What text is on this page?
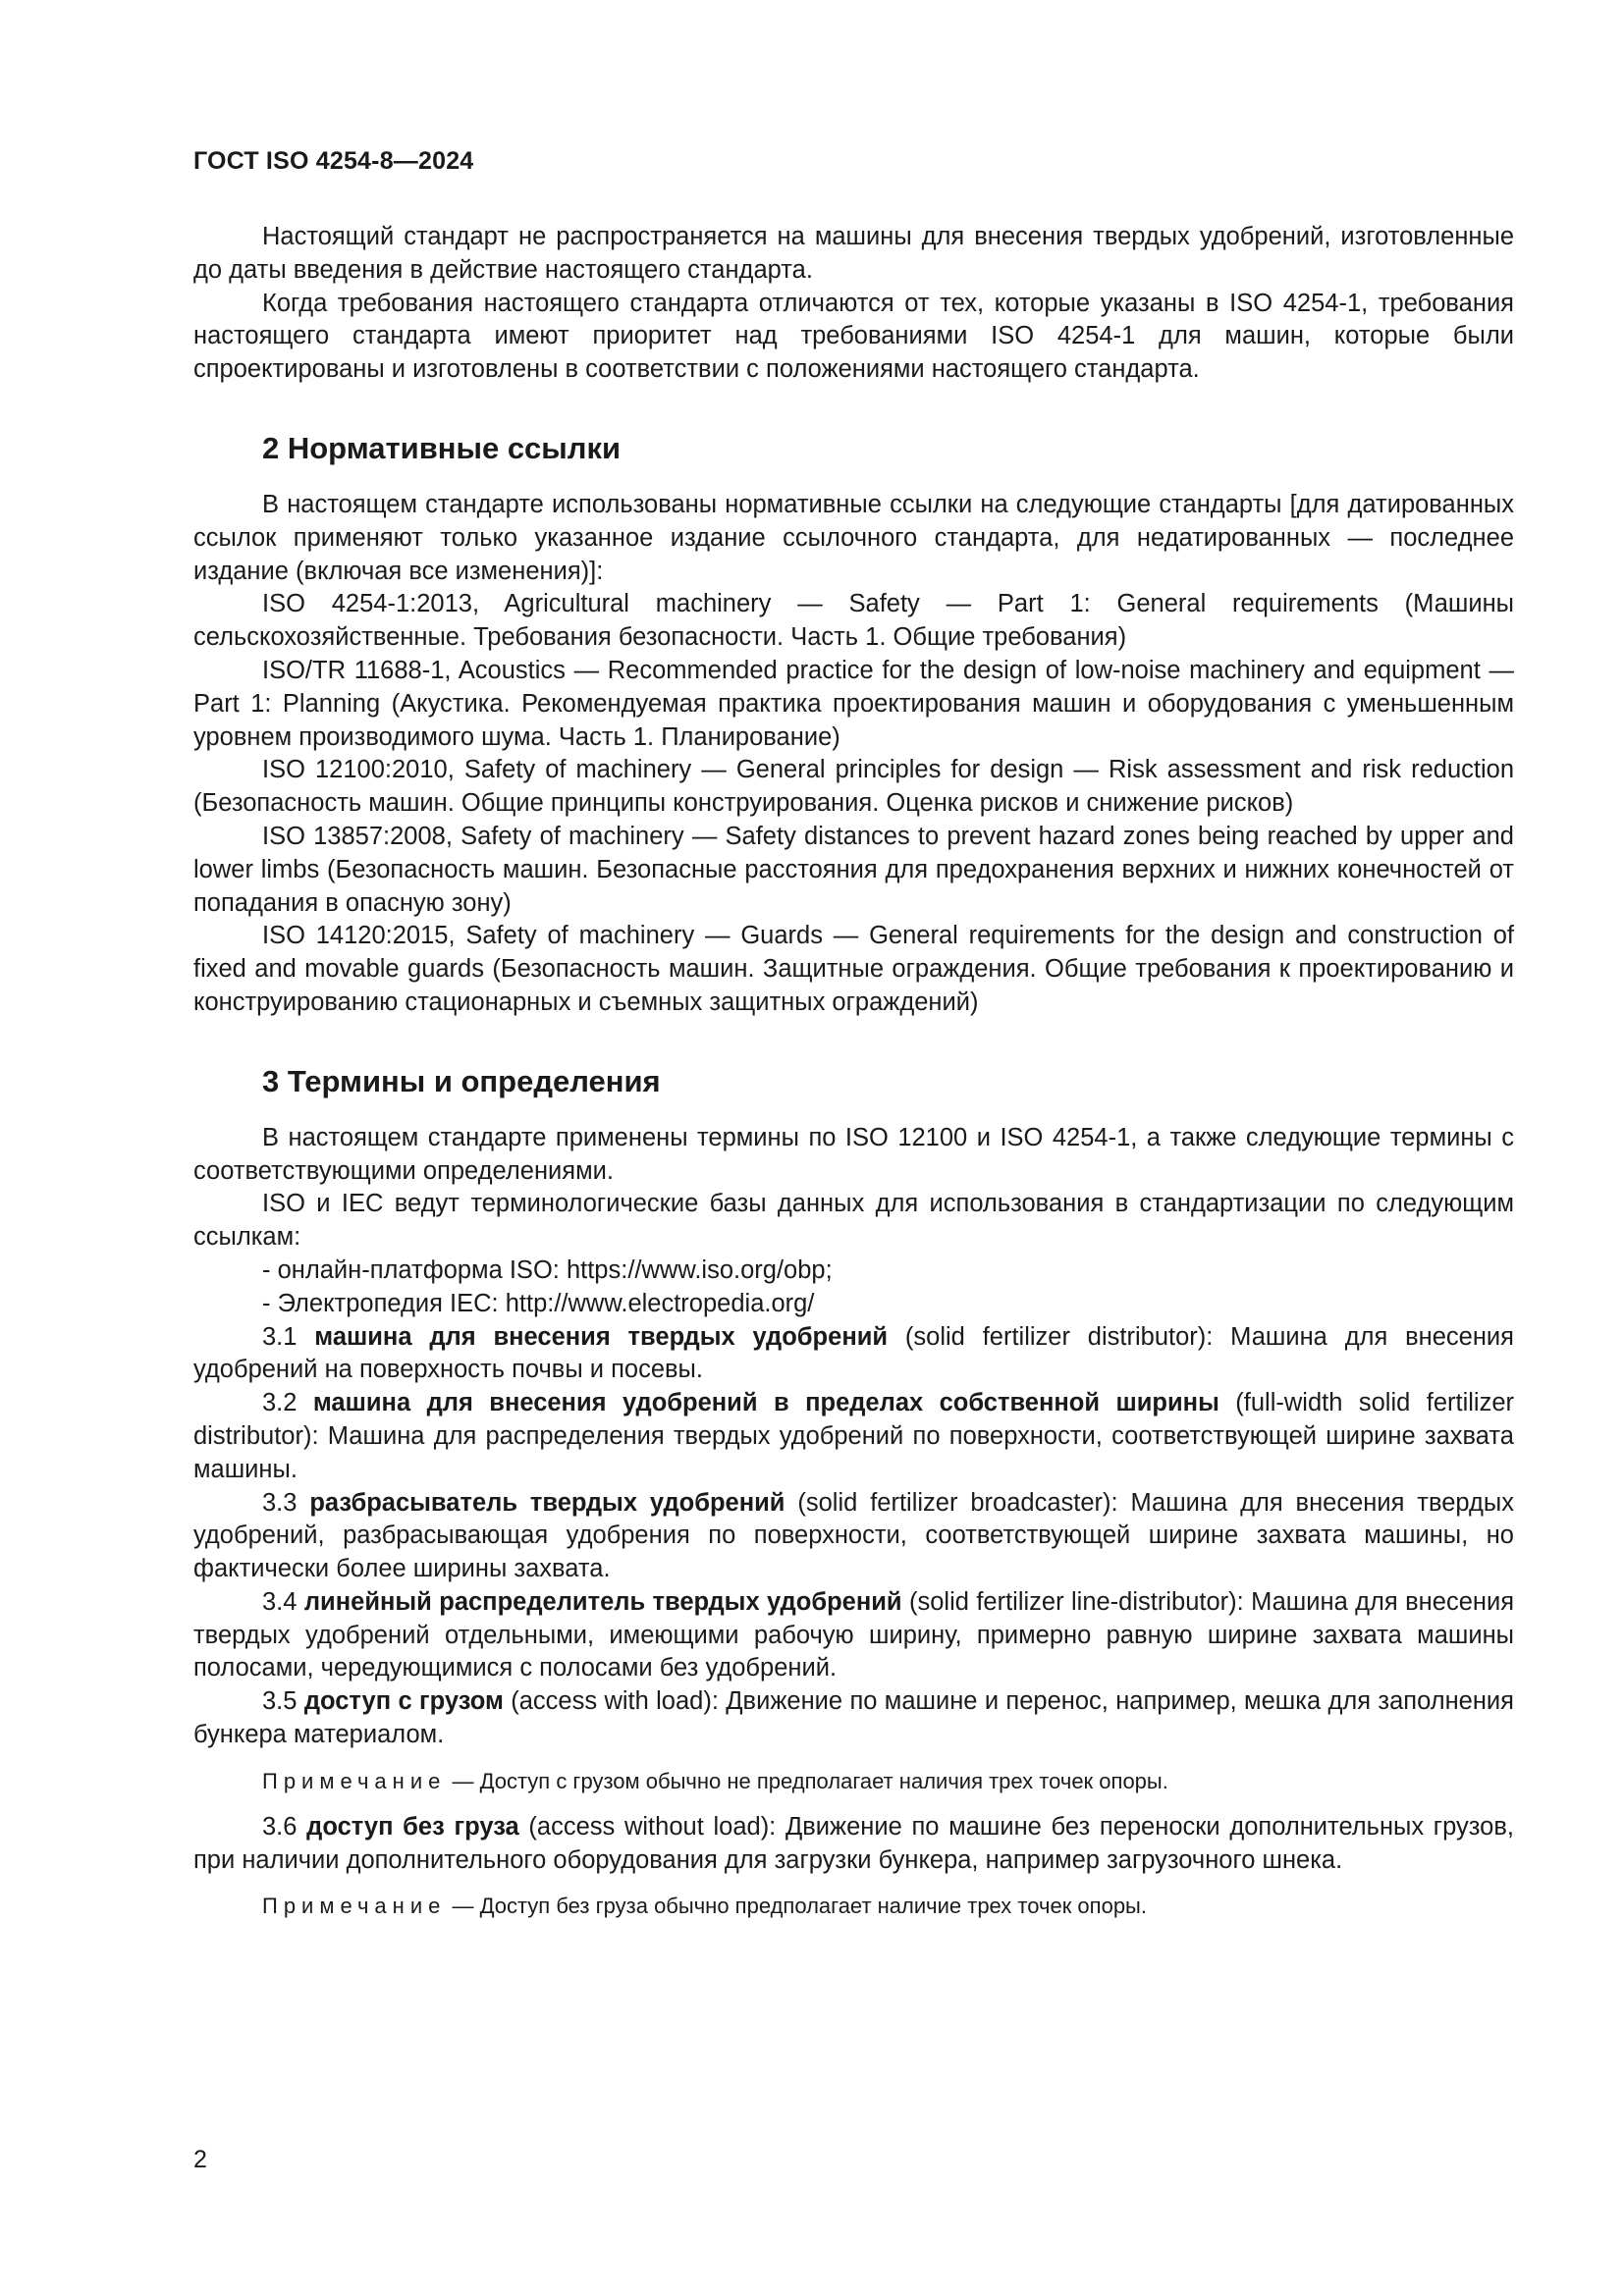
ГОСТ ISO 4254-8—2024

Настоящий стандарт не распространяется на машины для внесения твердых удобрений, изготовленные до даты введения в действие настоящего стандарта.

Когда требования настоящего стандарта отличаются от тех, которые указаны в ISO 4254-1, требования настоящего стандарта имеют приоритет над требованиями ISO 4254-1 для машин, которые были спроектированы и изготовлены в соответствии с положениями настоящего стандарта.

2 Нормативные ссылки

В настоящем стандарте использованы нормативные ссылки на следующие стандарты [для датированных ссылок применяют только указанное издание ссылочного стандарта, для недатированных — последнее издание (включая все изменения)]:

ISO 4254-1:2013, Agricultural machinery — Safety — Part 1: General requirements (Машины сельскохозяйственные. Требования безопасности. Часть 1. Общие требования)

ISO/TR 11688-1, Acoustics — Recommended practice for the design of low-noise machinery and equipment — Part 1: Planning (Акустика. Рекомендуемая практика проектирования машин и оборудования с уменьшенным уровнем производимого шума. Часть 1. Планирование)

ISO 12100:2010, Safety of machinery — General principles for design — Risk assessment and risk reduction (Безопасность машин. Общие принципы конструирования. Оценка рисков и снижение рисков)

ISO 13857:2008, Safety of machinery — Safety distances to prevent hazard zones being reached by upper and lower limbs (Безопасность машин. Безопасные расстояния для предохранения верхних и нижних конечностей от попадания в опасную зону)

ISO 14120:2015, Safety of machinery — Guards — General requirements for the design and construction of fixed and movable guards (Безопасность машин. Защитные ограждения. Общие требования к проектированию и конструированию стационарных и съемных защитных ограждений)

3 Термины и определения

В настоящем стандарте применены термины по ISO 12100 и ISO 4254-1, а также следующие термины с соответствующими определениями.

ISO и IEC ведут терминологические базы данных для использования в стандартизации по следующим ссылкам:

- онлайн-платформа ISO: https://www.iso.org/obp;

- Электропедия IEC: http://www.electropedia.org/

3.1 машина для внесения твердых удобрений (solid fertilizer distributor): Машина для внесения удобрений на поверхность почвы и посевы.

3.2 машина для внесения удобрений в пределах собственной ширины (full-width solid fertilizer distributor): Машина для распределения твердых удобрений по поверхности, соответствующей ширине захвата машины.

3.3 разбрасыватель твердых удобрений (solid fertilizer broadcaster): Машина для внесения твердых удобрений, разбрасывающая удобрения по поверхности, соответствующей ширине захвата машины, но фактически более ширины захвата.

3.4 линейный распределитель твердых удобрений (solid fertilizer line-distributor): Машина для внесения твердых удобрений отдельными, имеющими рабочую ширину, примерно равную ширине захвата машины полосами, чередующимися с полосами без удобрений.

3.5 доступ с грузом (access with load): Движение по машине и перенос, например, мешка для заполнения бункера материалом.

Примечание — Доступ с грузом обычно не предполагает наличия трех точек опоры.

3.6 доступ без груза (access without load): Движение по машине без переноски дополнительных грузов, при наличии дополнительного оборудования для загрузки бункера, например загрузочного шнека.

Примечание — Доступ без груза обычно предполагает наличие трех точек опоры.

2
